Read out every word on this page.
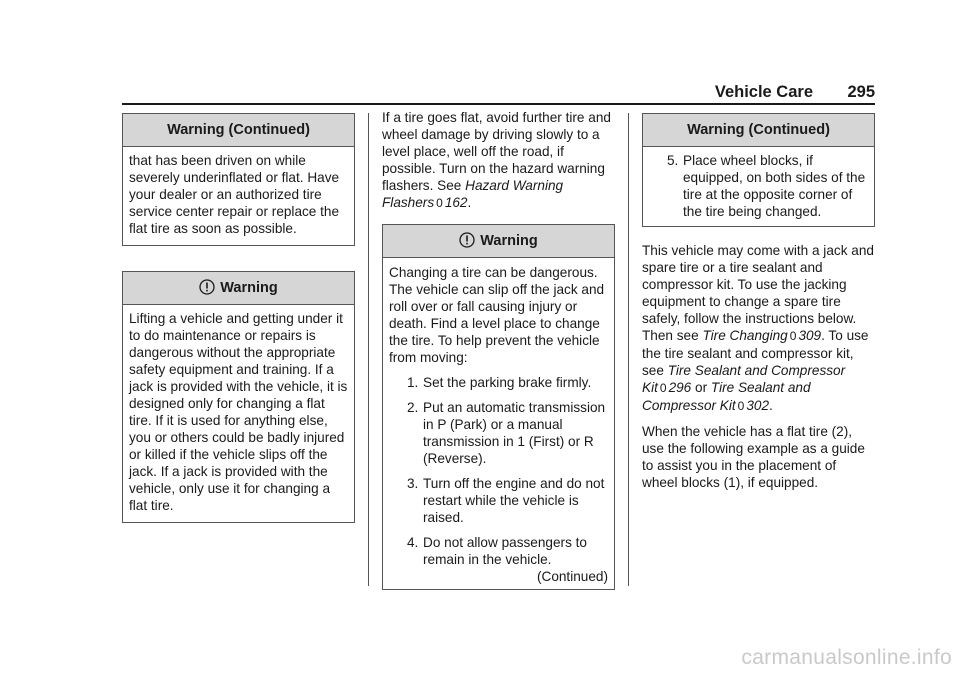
Vehicle Care 295
Warning (Continued)

that has been driven on while severely underinflated or flat. Have your dealer or an authorized tire service center repair or replace the flat tire as soon as possible.

Warning

Lifting a vehicle and getting under it to do maintenance or repairs is dangerous without the appropriate safety equipment and training. If a jack is provided with the vehicle, it is designed only for changing a flat tire. If it is used for anything else, you or others could be badly injured or killed if the vehicle slips off the jack. If a jack is provided with the vehicle, only use it for changing a flat tire.

If a tire goes flat, avoid further tire and wheel damage by driving slowly to a level place, well off the road, if possible. Turn on the hazard warning flashers. See Hazard Warning Flashers 0 162.

Warning

Changing a tire can be dangerous. The vehicle can slip off the jack and roll over or fall causing injury or death. Find a level place to change the tire. To help prevent the vehicle from moving:

1. Set the parking brake firmly.
2. Put an automatic transmission in P (Park) or a manual transmission in 1 (First) or R (Reverse).
3. Turn off the engine and do not restart while the vehicle is raised.
4. Do not allow passengers to remain in the vehicle.
(Continued)
Warning (Continued)
5. Place wheel blocks, if equipped, on both sides of the tire at the opposite corner of the tire being changed.

This vehicle may come with a jack and spare tire or a tire sealant and compressor kit. To use the jacking equipment to change a spare tire safely, follow the instructions below. Then see Tire Changing 0 309. To use the tire sealant and compressor kit, see Tire Sealant and Compressor Kit 0 296 or Tire Sealant and Compressor Kit 0 302.

When the vehicle has a flat tire (2), use the following example as a guide to assist you in the placement of wheel blocks (1), if equipped.

carmanualsonline.info
